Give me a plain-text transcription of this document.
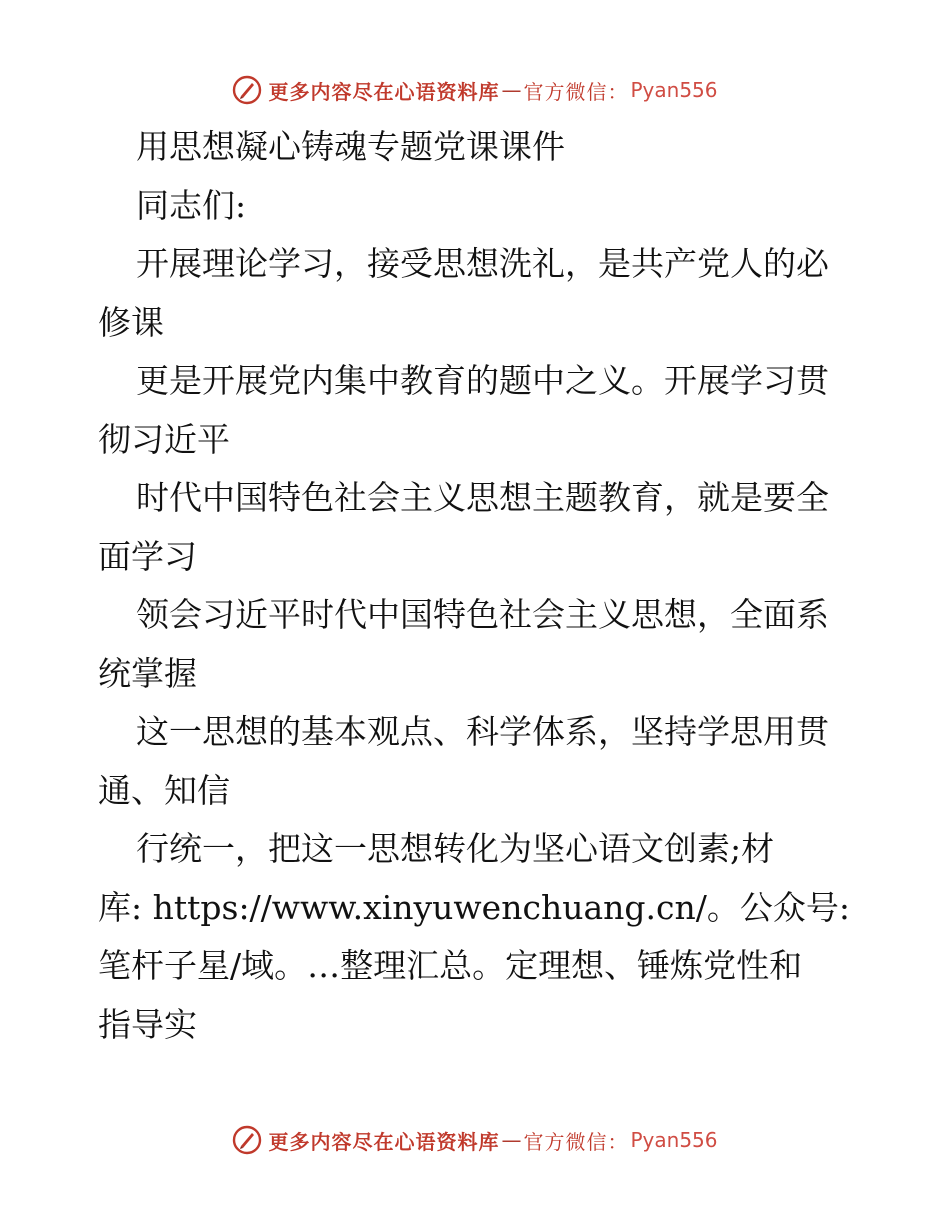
更多内容尽在心语资料库 — 官方微信： Pyan556

用思想凝心铸魂专题党课课件

同志们:

开展理论学习，接受思想洗礼，是共产党人的必

修课

更是开展党内集中教育的题中之义。开展学习贯

彻习近平

时代中国特色社会主义思想主题教育，就是要全

面学习

领会习近平时代中国特色社会主义思想，全面系

统掌握

这一思想的基本观点、科学体系，坚持学思用贯

通、知信

行统一，把这一思想转化为坚心语文创素;材

库: https://www.xinyuwenchuang.cn/。公众号:

笔杆子星/域。…整理汇总。定理想、锤炼党性和

指导实

更多内容尽在心语资料库 — 官方微信： Pyan556
